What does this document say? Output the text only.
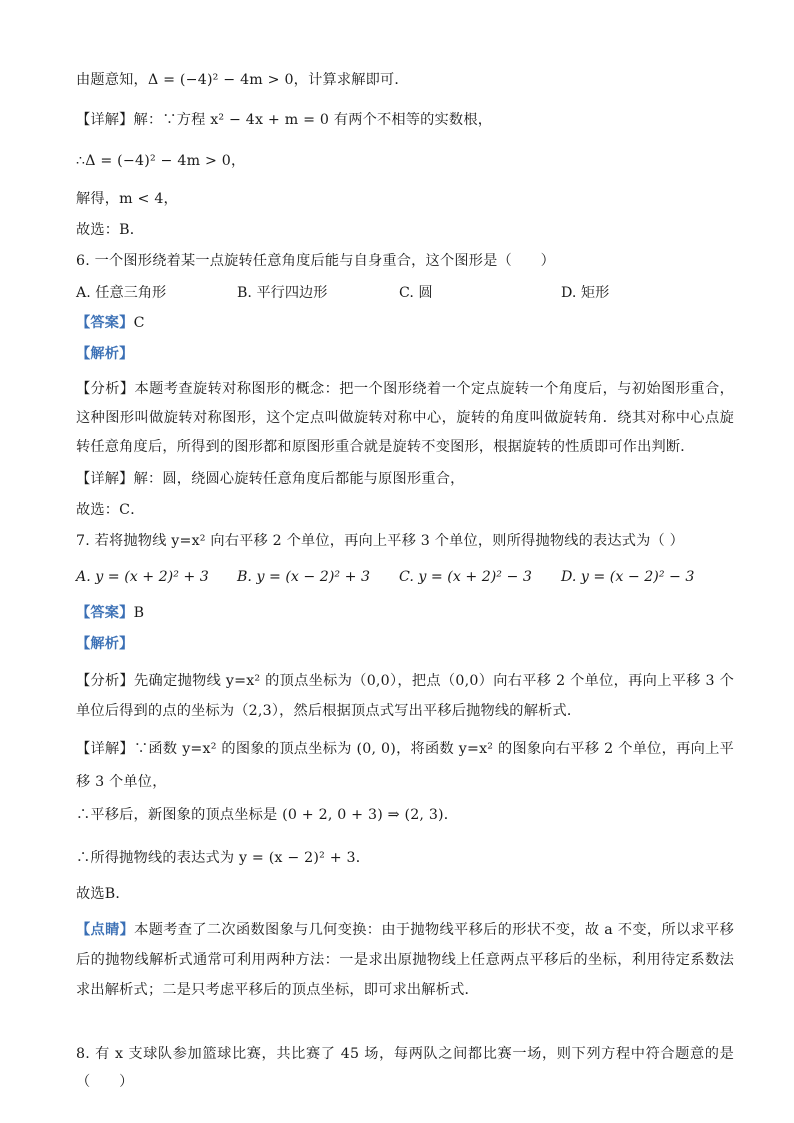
由题意知，Δ = (−4)² − 4m > 0，计算求解即可．
【详解】解：∵方程 x² − 4x + m = 0 有两个不相等的实数根，
∴Δ = (−4)² − 4m > 0，
解得，m < 4，
故选：B．
6. 一个图形绕着某一点旋转任意角度后能与自身重合，这个图形是（　　）
A. 任意三角形	B. 平行四边形	C. 圆	D. 矩形
【答案】C
【解析】
【分析】本题考查旋转对称图形的概念：把一个图形绕着一个定点旋转一个角度后，与初始图形重合，这种图形叫做旋转对称图形，这个定点叫做旋转对称中心，旋转的角度叫做旋转角．绕其对称中心点旋转任意角度后，所得到的图形都和原图形重合就是旋转不变图形，根据旋转的性质即可作出判断．
【详解】解：圆，绕圆心旋转任意角度后都能与原图形重合，
故选：C．
7. 若将抛物线 y=x² 向右平移 2 个单位，再向上平移 3 个单位，则所得抛物线的表达式为（ ）
A. y = (x + 2)² + 3 B. y = (x − 2)² + 3 C. y = (x + 2)² − 3 D. y = (x − 2)² − 3
【答案】B
【解析】
【分析】先确定抛物线 y=x² 的顶点坐标为（0,0），把点（0,0）向右平移 2 个单位，再向上平移 3 个单位后得到的点的坐标为（2,3），然后根据顶点式写出平移后抛物线的解析式．
【详解】∵函数 y=x² 的图象的顶点坐标为 (0, 0)，将函数 y=x² 的图象向右平移 2 个单位，再向上平移 3 个单位，
∴平移后，新图象的顶点坐标是 (0 + 2, 0 + 3) ⇒ (2, 3)．
∴所得抛物线的表达式为 y = (x − 2)² + 3．
故选B．
【点睛】本题考查了二次函数图象与几何变换：由于抛物线平移后的形状不变，故 a 不变，所以求平移后的抛物线解析式通常可利用两种方法：一是求出原抛物线上任意两点平移后的坐标，利用待定系数法求出解析式；二是只考虑平移后的顶点坐标，即可求出解析式．
8. 有 x 支球队参加篮球比赛，共比赛了 45 场，每两队之间都比赛一场，则下列方程中符合题意的是（　　）
